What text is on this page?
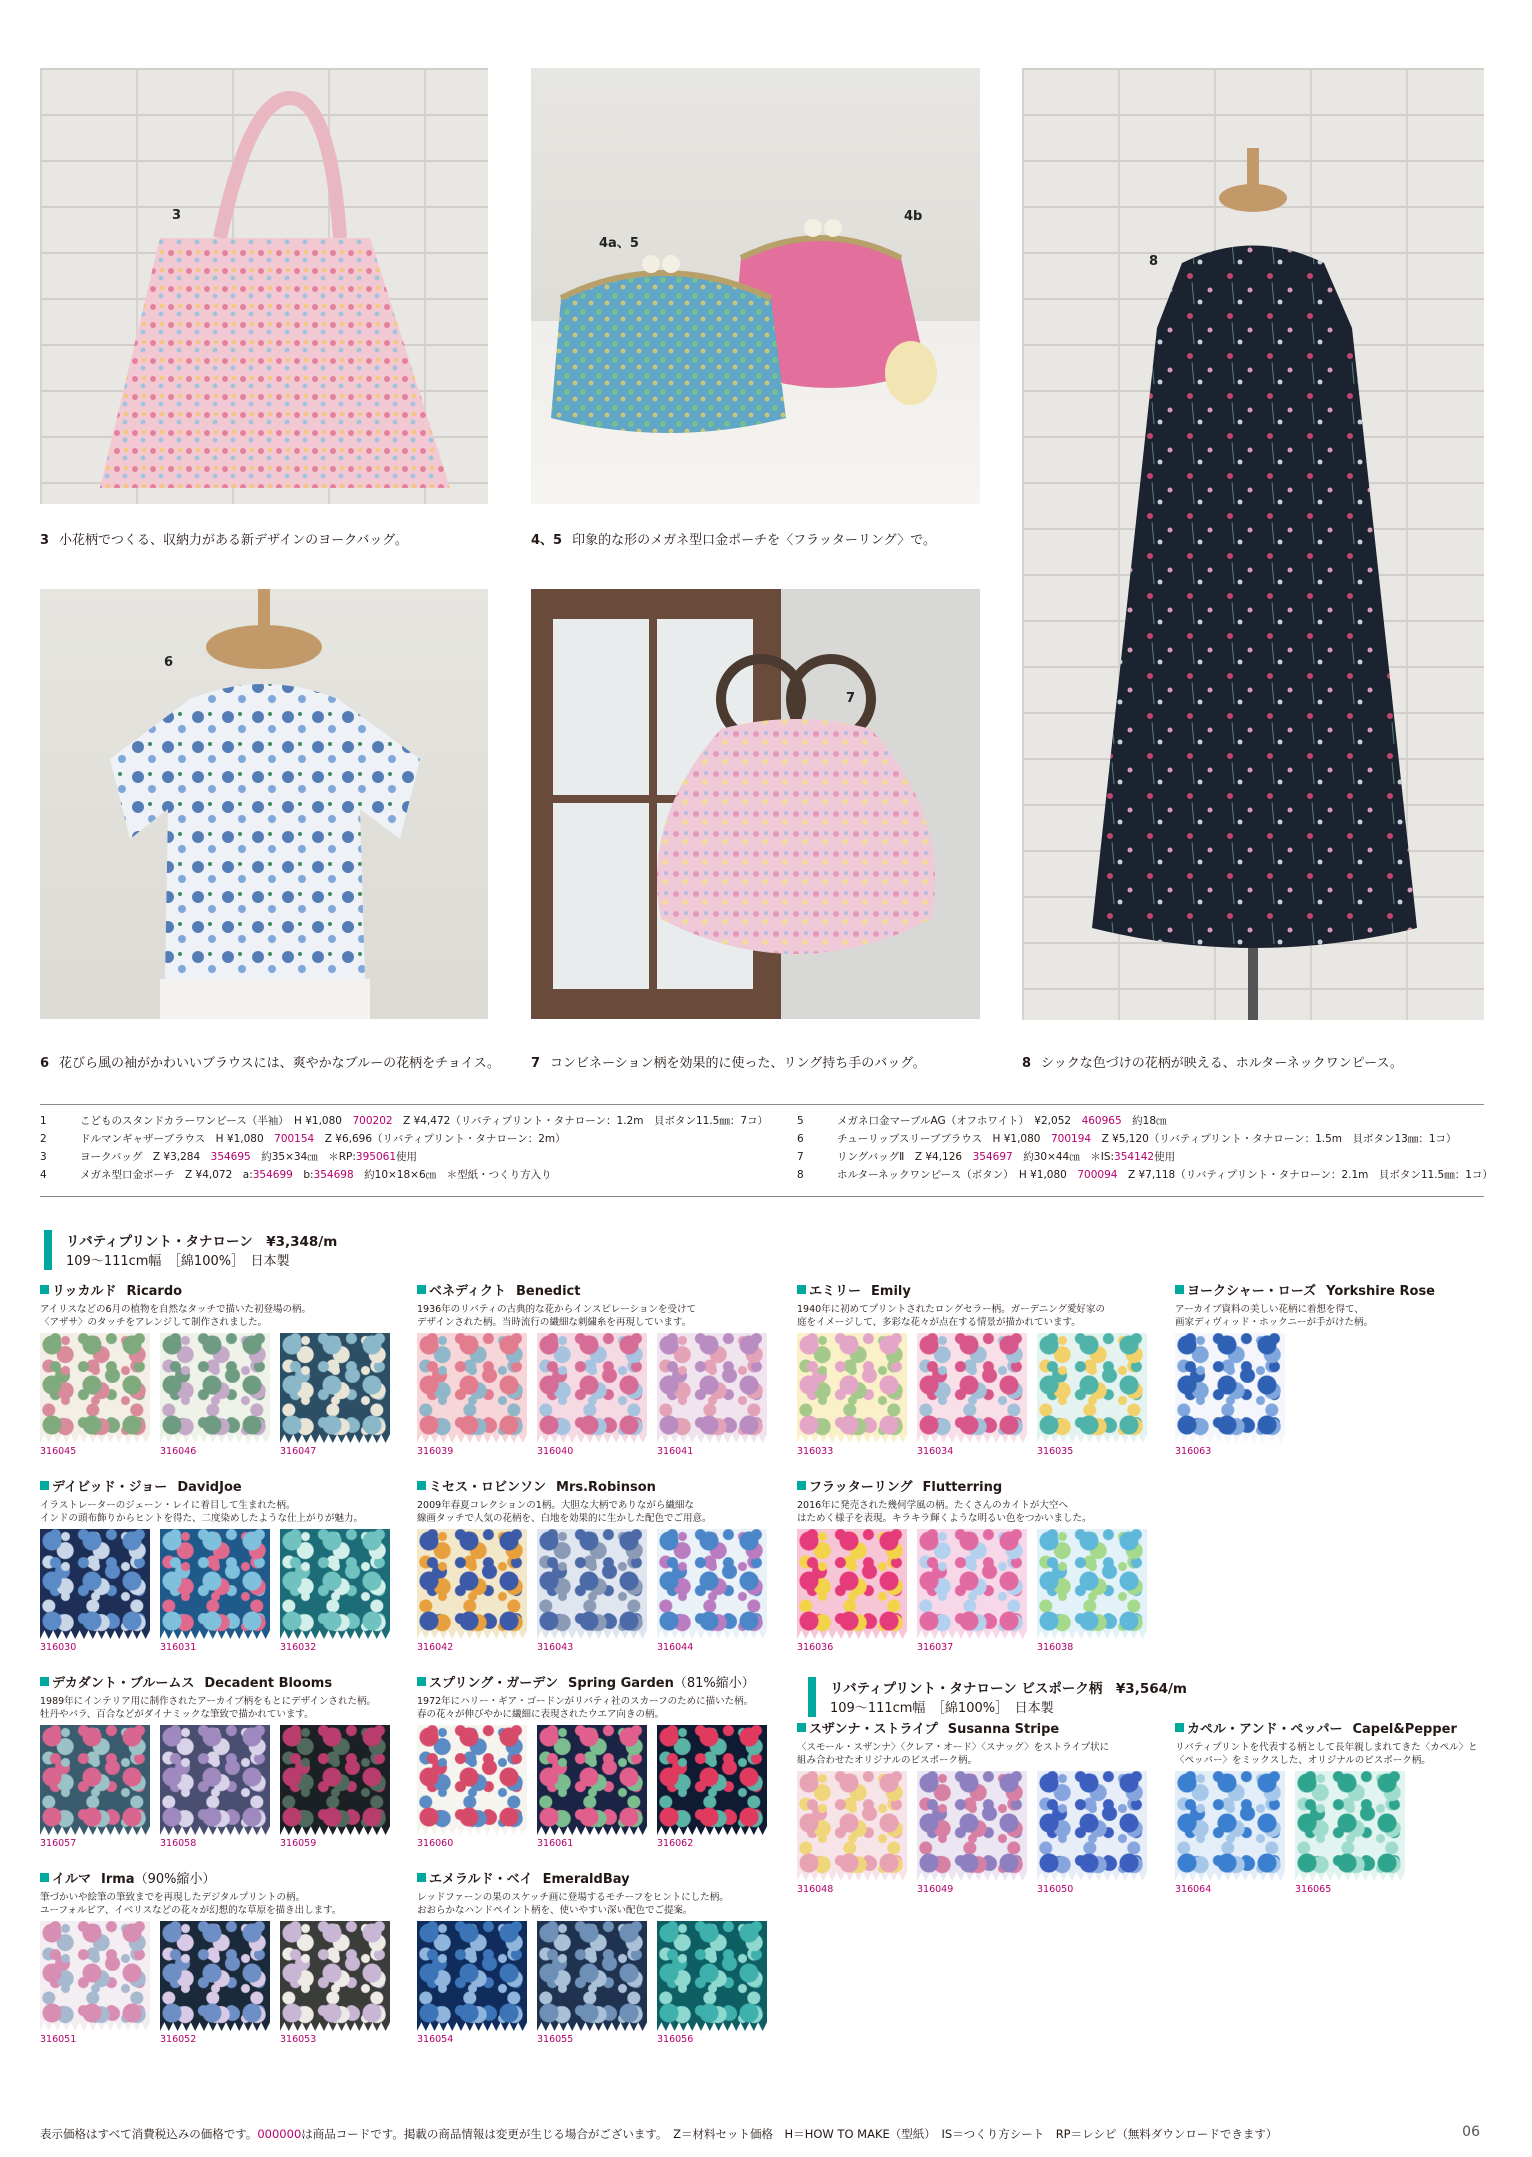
3
3 小花柄でつくる、収納力がある新デザインのヨークバッグ。
4a、5
4b
4、5 印象的な形のメガネ型口金ポーチを〈フラッターリング〉で。
8
8 シックな色づけの花柄が映える、ホルターネックワンピース。
6
6 花びら風の袖がかわいいブラウスには、爽やかなブルーの花柄をチョイス。
7
7 コンビネーション柄を効果的に使った、リング持ち手のバッグ。
1	こどものスタンドカラーワンピース（半袖）　H ¥1,080　 700202　 Z ¥4,472（リバティプリント・タナローン：1.2m　貝ボタン11.5㎜：7コ）
2	ドルマンギャザーブラウス　H ¥1,080　 700154　 Z ¥6,696（リバティプリント・タナローン：2m）
3	ヨークバッグ　Z ¥3,284　 354695　 約35×34㎝　＊RP:395061使用
4	メガネ型口金ポーチ　Z ¥4,072　a:354699　 b:354698　 約10×18×6㎝　＊型紙・つくり方入り
5	メガネ口金マーブルAG（オフホワイト）　¥2,052　 460965　 約18㎝
6	チューリップスリーブブラウス　H ¥1,080　 700194　 Z ¥5,120（リバティプリント・タナローン：1.5m　貝ボタン13㎜：1コ）
7	リングバッグⅡ　Z ¥4,126　 354697　 約30×44㎝　＊IS:354142使用
8	ホルターネックワンピース（ボタン）　H ¥1,080　 700094　 Z ¥7,118（リバティプリント・タナローン：2.1m　貝ボタン11.5㎜：1コ）
リバティプリント・タナローン　¥3,348/m
109～111cm幅　［綿100%］　日本製
リバティプリント・タナローン ビスポーク柄　¥3,564/m
109～111cm幅　［綿100%］　日本製
リッカルド Ricardo
アイリスなどの6月の植物を自然なタッチで描いた初登場の柄。
〈アザサ〉のタッチをアレンジして制作されました。
316045	316046	316047
ベネディクト Benedict
1936年のリバティの古典的な花からインスピレーションを受けて
デザインされた柄。当時流行の繊細な刺繍糸を再現しています。
316039	316040	316041
エミリー Emily
1940年に初めてプリントされたロングセラー柄。ガーデニング愛好家の
庭をイメージして、多彩な花々が点在する情景が描かれています。
316033	316034	316035
ヨークシャー・ローズ Yorkshire Rose
アーカイブ資料の美しい花柄に着想を得て、
画家ディヴィッド・ホックニーが手がけた柄。
316063
デイビッド・ジョー DavidJoe
イラストレーターのジェーン・レイに着目して生まれた柄。
インドの頭布飾りからヒントを得た、二度染めしたような仕上がりが魅力。
316030	316031	316032
ミセス・ロビンソン Mrs.Robinson
2009年春夏コレクションの1柄。大胆な大柄でありながら繊細な
線画タッチで人気の花柄を、白地を効果的に生かした配色でご用意。
316042	316043	316044
フラッターリング Flutterring
2016年に発売された幾何学風の柄。たくさんのカイトが大空へ
はためく様子を表現。キラキラ輝くような明るい色をつかいました。
316036	316037	316038
デカダント・ブルームス Decadent Blooms
1989年にインテリア用に制作されたアーカイブ柄をもとにデザインされた柄。
牡丹やバラ、百合などがダイナミックな筆致で描かれています。
316057	316058	316059
スプリング・ガーデン Spring Garden（81%縮小）
1972年にハリー・ギア・ゴードンがリバティ社のスカーフのために描いた柄。
春の花々が伸びやかに繊細に表現されたウエア向きの柄。
316060	316061	316062
イルマ Irma（90%縮小）
筆づかいや絵筆の筆致までを再現したデジタルプリントの柄。
ユーフォルビア、イベリスなどの花々が幻想的な草原を描き出します。
316051	316052	316053
エメラルド・ベイ EmeraldBay
レッドファーンの果のスケッチ画に登場するモチーフをヒントにした柄。
おおらかなハンドペイント柄を、使いやすい深い配色でご提案。
316054	316055	316056
スザンナ・ストライプ Susanna Stripe
〈スモール・スザンナ〉〈クレア・オード〉〈スナッグ〉をストライプ状に
組み合わせたオリジナルのビスポーク柄。
316048	316049	316050
カペル・アンド・ペッパー Capel&Pepper
リバティプリントを代表する柄として長年親しまれてきた〈カペル〉と
〈ペッパー〉をミックスした、オリジナルのビスポーク柄。
316064	316065
表示価格はすべて消費税込みの価格です。000000は商品コードです。掲載の商品情報は変更が生じる場合がございます。　 Z＝材料セット価格　H＝HOW TO MAKE（型紙）　IS＝つくり方シート　RP＝レシピ（無料ダウンロードできます）	06
